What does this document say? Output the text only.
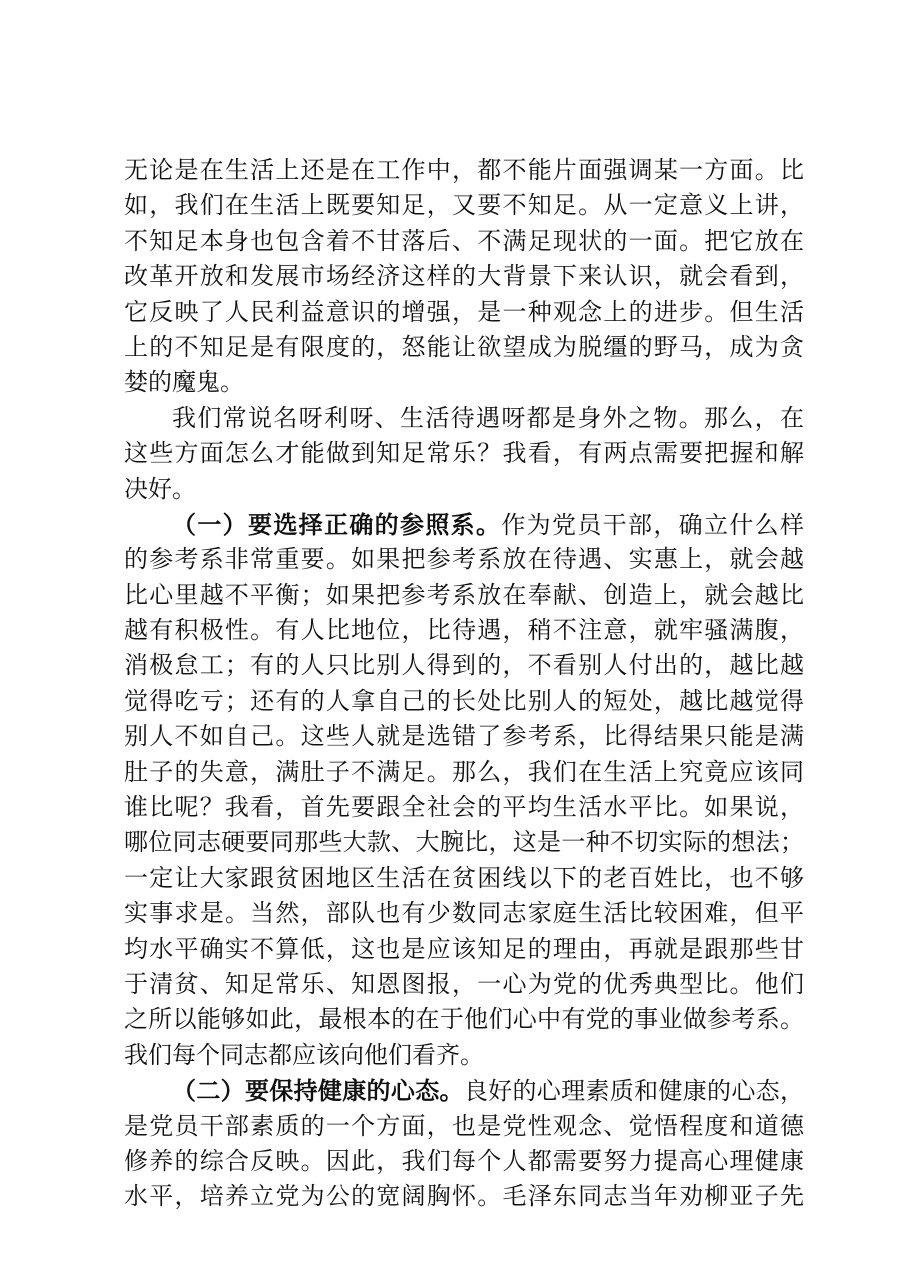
无论是在生活上还是在工作中，都不能片面强调某一方面。比
如，我们在生活上既要知足，又要不知足。从一定意义上讲，
不知足本身也包含着不甘落后、不满足现状的一面。把它放在
改革开放和发展市场经济这样的大背景下来认识，就会看到，
它反映了人民利益意识的增强，是一种观念上的进步。但生活
上的不知足是有限度的，怒能让欲望成为脱缰的野马，成为贪
婪的魔鬼。
我们常说名呀利呀、生活待遇呀都是身外之物。那么，在
这些方面怎么才能做到知足常乐？我看，有两点需要把握和解
决好。
（一）要选择正确的参照系。作为党员干部，确立什么样
的参考系非常重要。如果把参考系放在待遇、实惠上，就会越
比心里越不平衡；如果把参考系放在奉献、创造上，就会越比
越有积极性。有人比地位，比待遇，稍不注意，就牢骚满腹，
消极怠工；有的人只比别人得到的，不看别人付出的，越比越
觉得吃亏；还有的人拿自己的长处比别人的短处，越比越觉得
别人不如自己。这些人就是选错了参考系，比得结果只能是满
肚子的失意，满肚子不满足。那么，我们在生活上究竟应该同
谁比呢？我看，首先要跟全社会的平均生活水平比。如果说，
哪位同志硬要同那些大款、大腕比，这是一种不切实际的想法；
一定让大家跟贫困地区生活在贫困线以下的老百姓比，也不够
实事求是。当然，部队也有少数同志家庭生活比较困难，但平
均水平确实不算低，这也是应该知足的理由，再就是跟那些甘
于清贫、知足常乐、知恩图报，一心为党的优秀典型比。他们
之所以能够如此，最根本的在于他们心中有党的事业做参考系。
我们每个同志都应该向他们看齐。
（二）要保持健康的心态。良好的心理素质和健康的心态，
是党员干部素质的一个方面，也是党性观念、觉悟程度和道德
修养的综合反映。因此，我们每个人都需要努力提高心理健康
水平，培养立党为公的宽阔胸怀。毛泽东同志当年劝柳亚子先
